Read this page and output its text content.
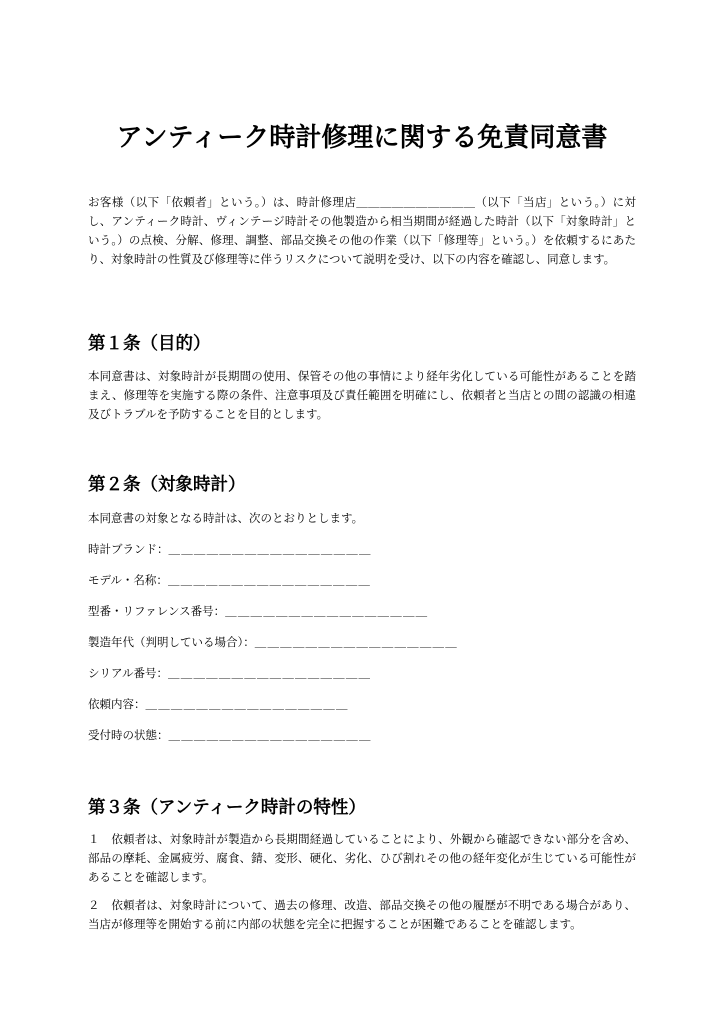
アンティーク時計修理に関する免責同意書
お客様（以下「依頼者」という。）は、時計修理店＿＿＿＿＿＿＿＿＿＿（以下「当店」という。）に対し、アンティーク時計、ヴィンテージ時計その他製造から相当期間が経過した時計（以下「対象時計」という。）の点検、分解、修理、調整、部品交換その他の作業（以下「修理等」という。）を依頼するにあたり、対象時計の性質及び修理等に伴うリスクについて説明を受け、以下の内容を確認し、同意します。
第１条（目的）
本同意書は、対象時計が長期間の使用、保管その他の事情により経年劣化している可能性があることを踏まえ、修理等を実施する際の条件、注意事項及び責任範囲を明確にし、依頼者と当店との間の認識の相違及びトラブルを予防することを目的とします。
第２条（対象時計）
本同意書の対象となる時計は、次のとおりとします。
時計ブランド：＿＿＿＿＿＿＿＿＿＿＿＿＿＿＿＿
モデル・名称：＿＿＿＿＿＿＿＿＿＿＿＿＿＿＿＿
型番・リファレンス番号：＿＿＿＿＿＿＿＿＿＿＿＿＿＿＿＿
製造年代（判明している場合）：＿＿＿＿＿＿＿＿＿＿＿＿＿＿＿＿
シリアル番号：＿＿＿＿＿＿＿＿＿＿＿＿＿＿＿＿
依頼内容：＿＿＿＿＿＿＿＿＿＿＿＿＿＿＿＿
受付時の状態：＿＿＿＿＿＿＿＿＿＿＿＿＿＿＿＿
第３条（アンティーク時計の特性）
１　依頼者は、対象時計が製造から長期間経過していることにより、外観から確認できない部分を含め、部品の摩耗、金属疲労、腐食、錆、変形、硬化、劣化、ひび割れその他の経年変化が生じている可能性があることを確認します。
２　依頼者は、対象時計について、過去の修理、改造、部品交換その他の履歴が不明である場合があり、当店が修理等を開始する前に内部の状態を完全に把握することが困難であることを確認します。
